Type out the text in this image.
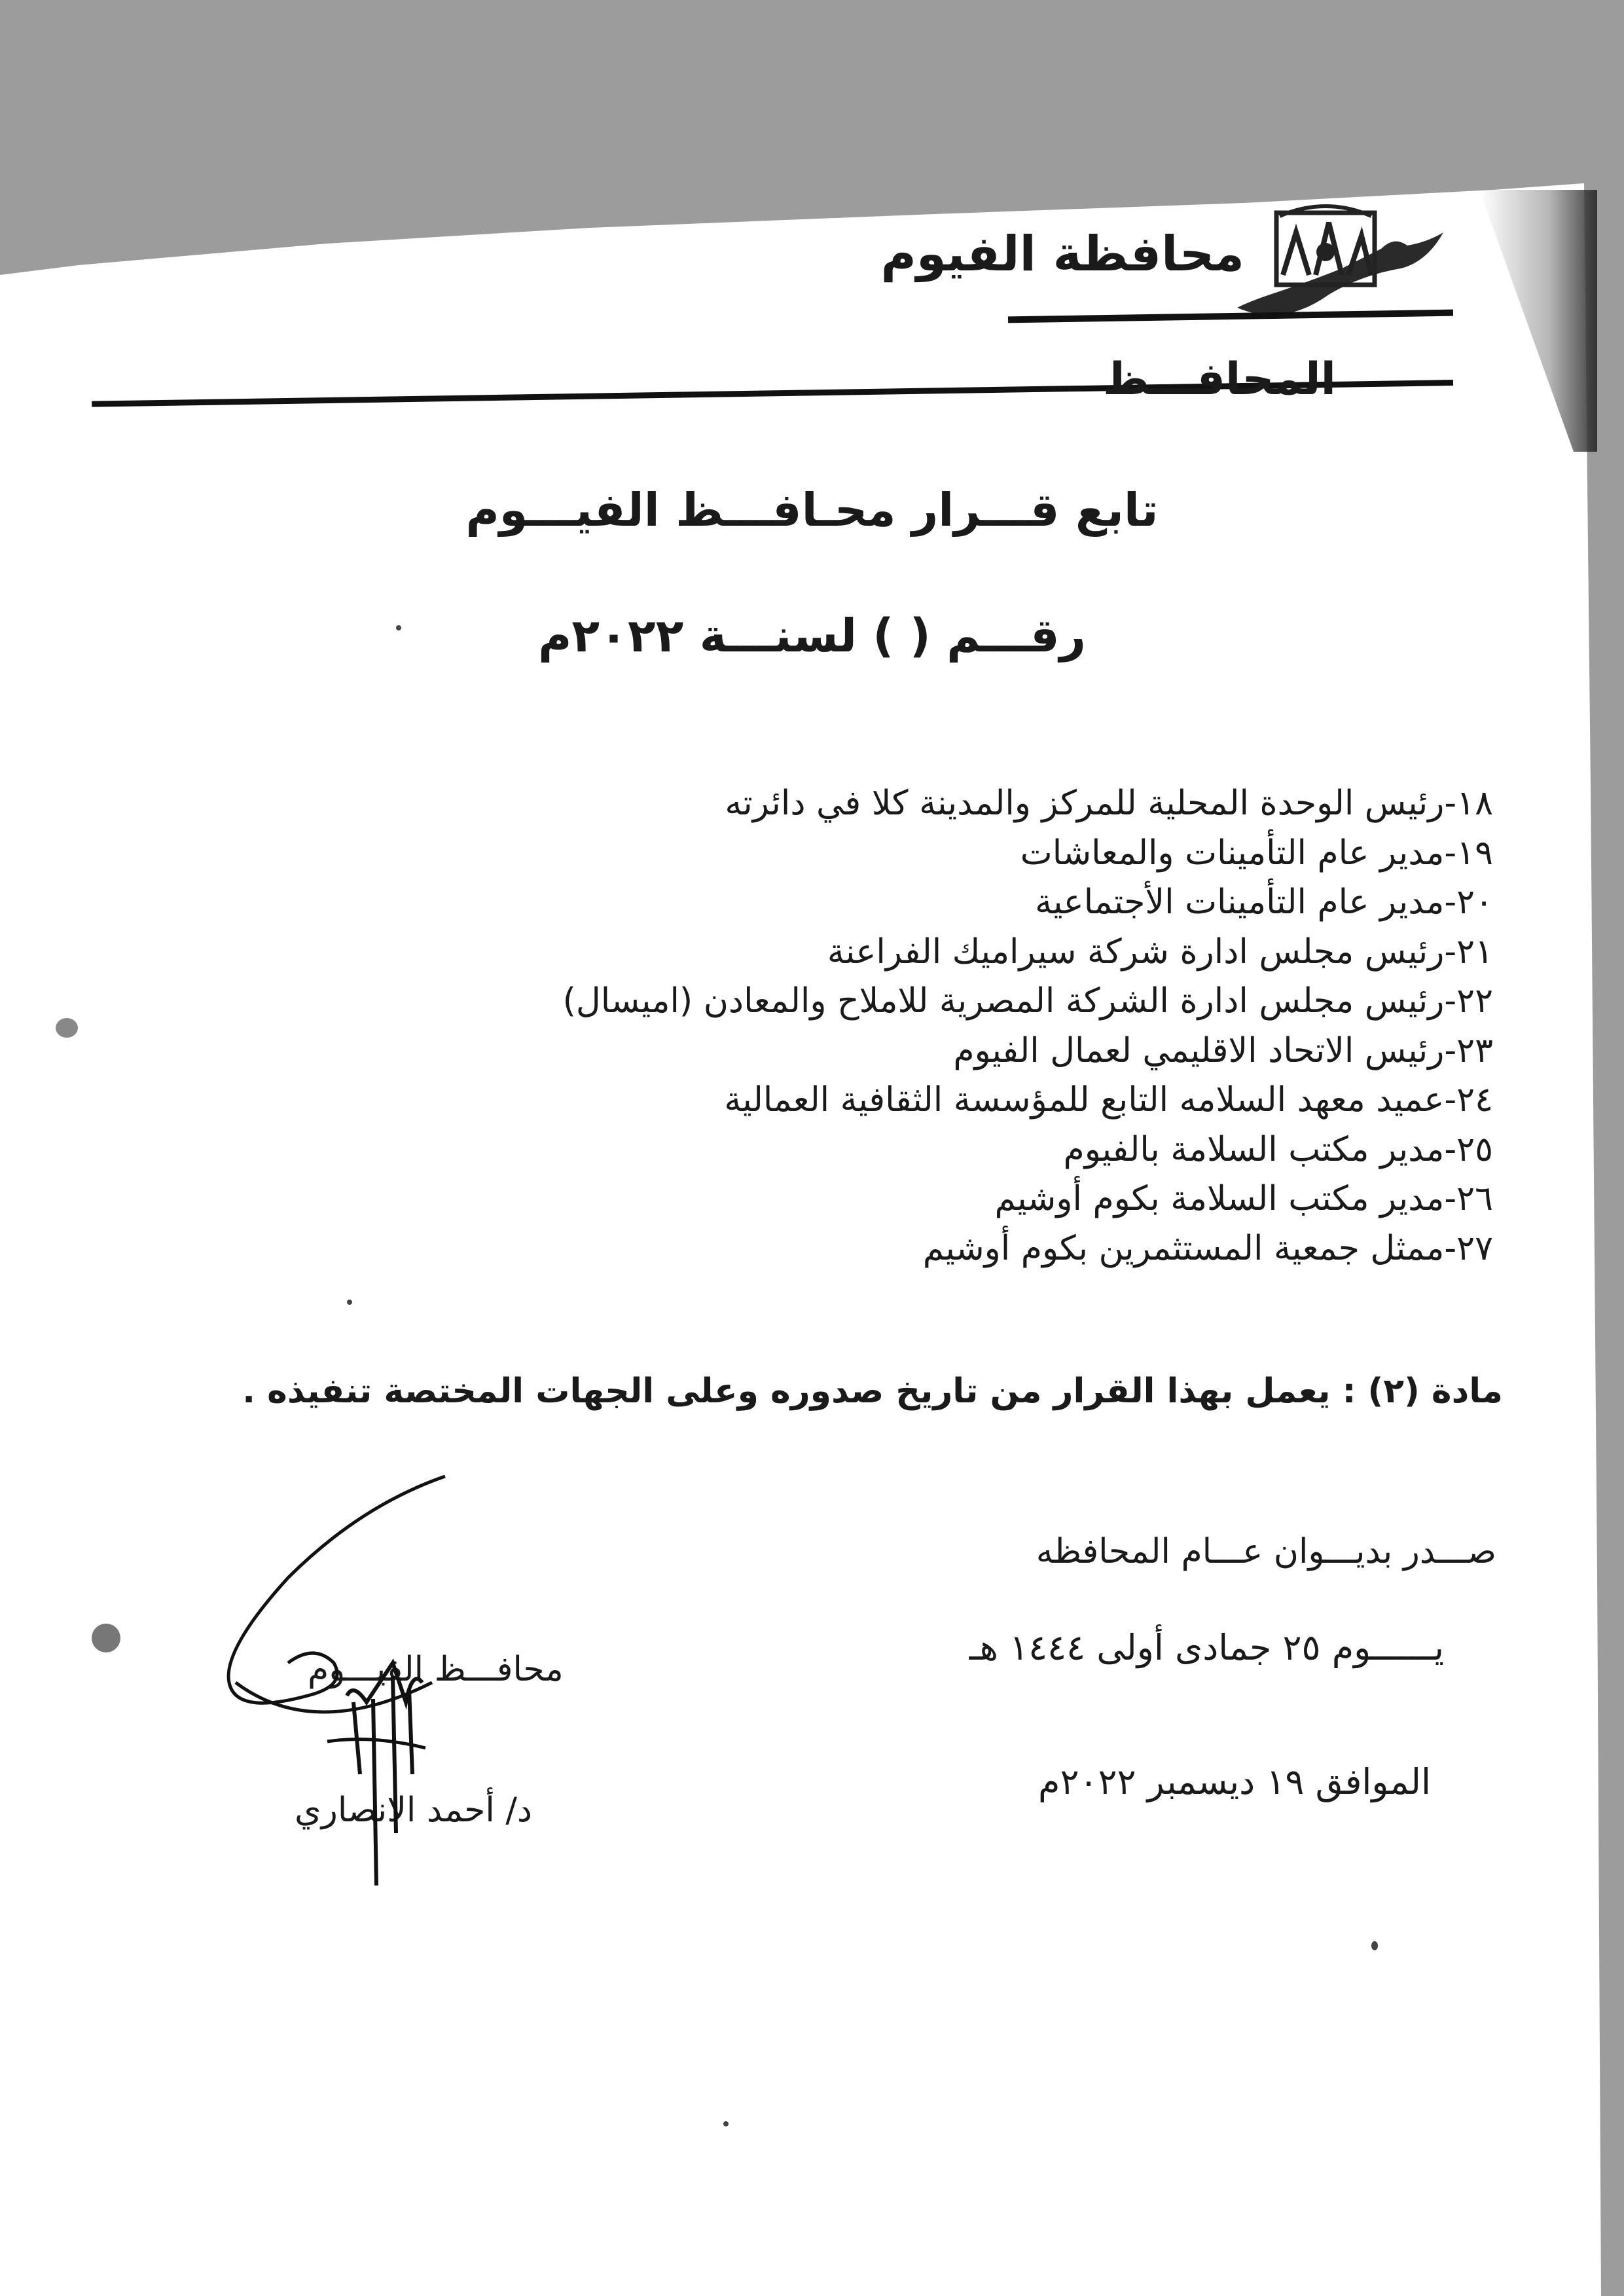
محافظة الفيوم
المحافـــظ
تابع قـــرار محـافـــظ الفيـــوم
رقـــم ( ) لسنـــة ٢٠٢٢م
١٨-رئيس الوحدة المحلية للمركز والمدينة كلا في دائرته
١٩-مدير عام التأمينات والمعاشات
٢٠-مدير عام التأمينات الأجتماعية
٢١-رئيس مجلس ادارة شركة سيراميك الفراعنة
٢٢-رئيس مجلس ادارة الشركة المصرية للاملاح والمعادن (اميسال)
٢٣-رئيس الاتحاد الاقليمي لعمال الفيوم
٢٤-عميد معهد السلامه التابع للمؤسسة الثقافية العمالية
٢٥-مدير مكتب السلامة بالفيوم
٢٦-مدير مكتب السلامة بكوم أوشيم
٢٧-ممثل جمعية المستثمرين بكوم أوشيم
مادة (٢) : يعمل بهذا القرار من تاريخ صدوره وعلى الجهات المختصة تنفيذه .
صـــدر بديـــوان عـــام المحافظه
يــــــوم ٢٥ جمادى أولى ١٤٤٤ هـ
الموافق ١٩ ديسمبر ٢٠٢٢م
محافـــظ الفيـــوم
د/ أحمد الانصاري
